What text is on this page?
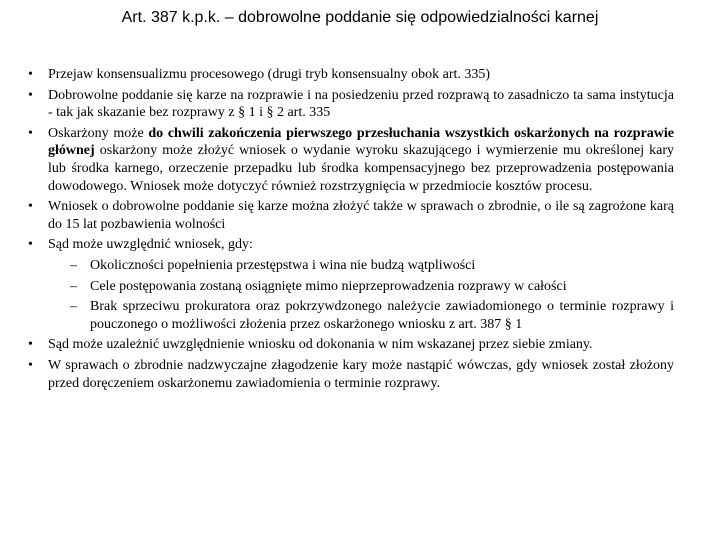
Art. 387 k.p.k. – dobrowolne poddanie się odpowiedzialności karnej
•	Przejaw konsensualizmu procesowego (drugi tryb konsensualny obok art. 335)
•	Dobrowolne poddanie się karze na rozprawie i na posiedzeniu przed rozprawą to zasadniczo ta sama instytucja - tak jak skazanie bez rozprawy z § 1 i § 2 art. 335
•	Oskarżony może do chwili zakończenia pierwszego przesłuchania wszystkich oskarżonych na rozprawie głównej oskarżony może złożyć wniosek o wydanie wyroku skazującego i wymierzenie mu określonej kary lub środka karnego, orzeczenie przepadku lub środka kompensacyjnego bez przeprowadzenia postępowania dowodowego. Wniosek może dotyczyć również rozstrzygnięcia w przedmiocie kosztów procesu.
•	Wniosek o dobrowolne poddanie się karze można złożyć także w sprawach o zbrodnie, o ile są zagrożone karą do 15 lat pozbawienia wolności
•	Sąd może uwzględnić wniosek, gdy:
– Okoliczności popełnienia przestępstwa i wina nie budzą wątpliwości
– Cele postępowania zostaną osiągnięte mimo nieprzeprowadzenia rozprawy w całości
– Brak sprzeciwu prokuratora oraz pokrzywdzonego należycie zawiadomionego o terminie rozprawy i pouczonego o możliwości złożenia przez oskarżonego wniosku z art. 387 § 1
•	Sąd może uzależnić uwzględnienie wniosku od dokonania w nim wskazanej przez siebie zmiany.
•	W sprawach o zbrodnie nadzwyczajne złagodzenie kary może nastąpić wówczas, gdy wniosek został złożony przed doręczeniem oskarżonemu zawiadomienia o terminie rozprawy.
